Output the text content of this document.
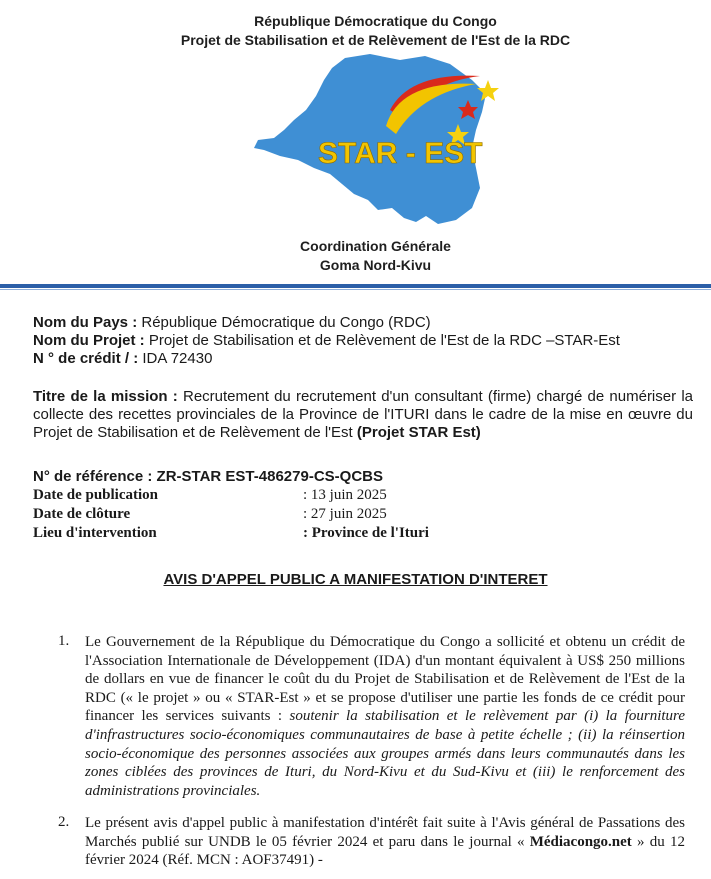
République Démocratique du Congo
Projet de Stabilisation et de Relèvement de l'Est de la RDC
STAR - EST
Coordination Générale
Goma Nord-Kivu
Nom du Pays : République Démocratique du Congo (RDC)
Nom du Projet : Projet de Stabilisation et de Relèvement de l'Est de la RDC –STAR-Est
N ° de crédit / : IDA 72430
Titre de la mission : Recrutement du recrutement d'un consultant (firme) chargé de numériser la collecte des recettes provinciales de la Province de l'ITURI dans le cadre de la mise en œuvre du Projet de Stabilisation et de Relèvement de l'Est (Projet STAR Est)
N° de référence : ZR-STAR EST-486279-CS-QCBS
Date de publication	: 13 juin 2025
Date de clôture	: 27 juin 2025
Lieu d'intervention	: Province de l'Ituri
AVIS D'APPEL PUBLIC A MANIFESTATION D'INTERET
1. Le Gouvernement de la République du Démocratique du Congo a sollicité et obtenu un crédit de l'Association Internationale de Développement (IDA) d'un montant équivalent à US$ 250 millions de dollars en vue de financer le coût du du Projet de Stabilisation et de Relèvement de l'Est de la RDC (« le projet » ou « STAR-Est » et se propose d'utiliser une partie les fonds de ce crédit pour financer les services suivants : soutenir la stabilisation et le relèvement par (i) la fourniture d'infrastructures socio-économiques communautaires de base à petite échelle ; (ii) la réinsertion socio-économique des personnes associées aux groupes armés dans leurs communautés dans les zones ciblées des provinces de Ituri, du Nord-Kivu et du Sud-Kivu et (iii) le renforcement des administrations provinciales.
2. Le présent avis d'appel public à manifestation d'intérêt fait suite à l'Avis général de Passations des Marchés publié sur UNDB le 05 février 2024 et paru dans le journal « Médiacongo.net » du 12 février 2024 (Réf. MCN : AOF37491) -
